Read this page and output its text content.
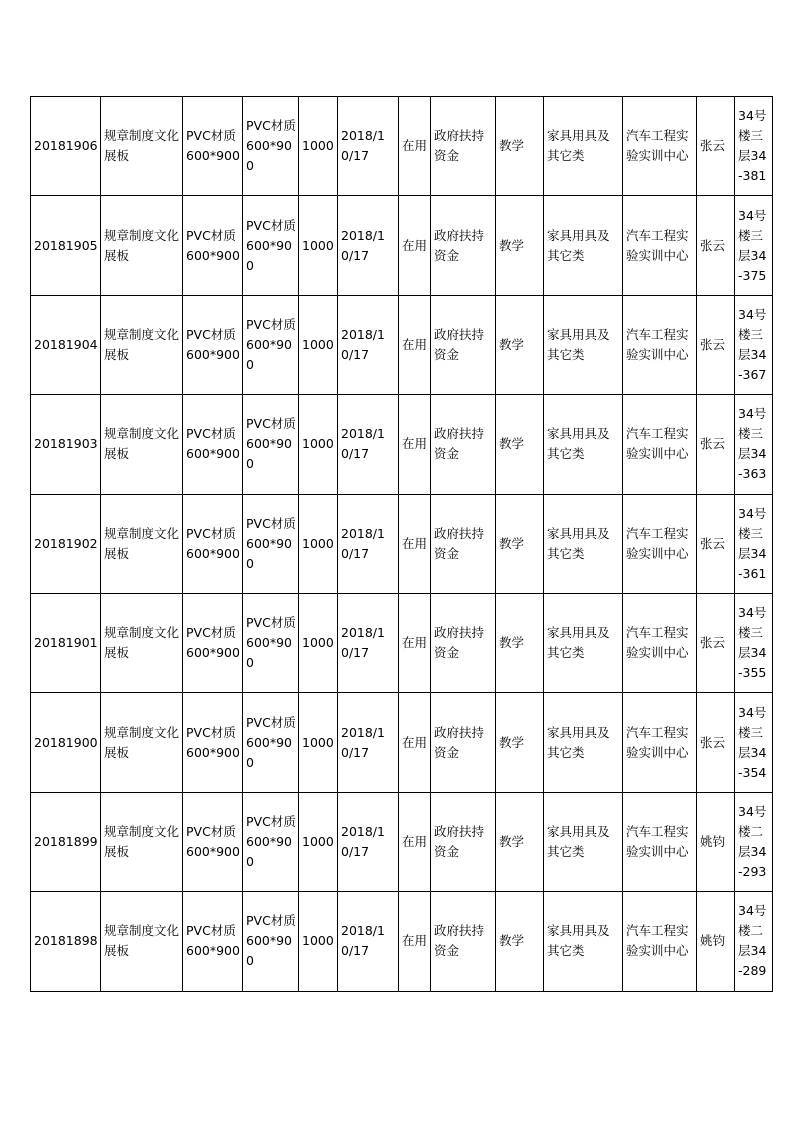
20181906	规章制度文化展板	PVC材质600*900	PVC材质600*900	1000	2018/10/17	在用	政府扶持资金	教学	家具用具及其它类	汽车工程实验实训中心	张云	34号楼三层34-381
20181905	规章制度文化展板	PVC材质600*900	PVC材质600*900	1000	2018/10/17	在用	政府扶持资金	教学	家具用具及其它类	汽车工程实验实训中心	张云	34号楼三层34-375
20181904	规章制度文化展板	PVC材质600*900	PVC材质600*900	1000	2018/10/17	在用	政府扶持资金	教学	家具用具及其它类	汽车工程实验实训中心	张云	34号楼三层34-367
20181903	规章制度文化展板	PVC材质600*900	PVC材质600*900	1000	2018/10/17	在用	政府扶持资金	教学	家具用具及其它类	汽车工程实验实训中心	张云	34号楼三层34-363
20181902	规章制度文化展板	PVC材质600*900	PVC材质600*900	1000	2018/10/17	在用	政府扶持资金	教学	家具用具及其它类	汽车工程实验实训中心	张云	34号楼三层34-361
20181901	规章制度文化展板	PVC材质600*900	PVC材质600*900	1000	2018/10/17	在用	政府扶持资金	教学	家具用具及其它类	汽车工程实验实训中心	张云	34号楼三层34-355
20181900	规章制度文化展板	PVC材质600*900	PVC材质600*900	1000	2018/10/17	在用	政府扶持资金	教学	家具用具及其它类	汽车工程实验实训中心	张云	34号楼三层34-354
20181899	规章制度文化展板	PVC材质600*900	PVC材质600*900	1000	2018/10/17	在用	政府扶持资金	教学	家具用具及其它类	汽车工程实验实训中心	姚钧	34号楼二层34-293
20181898	规章制度文化展板	PVC材质600*900	PVC材质600*900	1000	2018/10/17	在用	政府扶持资金	教学	家具用具及其它类	汽车工程实验实训中心	姚钧	34号楼二层34-289
